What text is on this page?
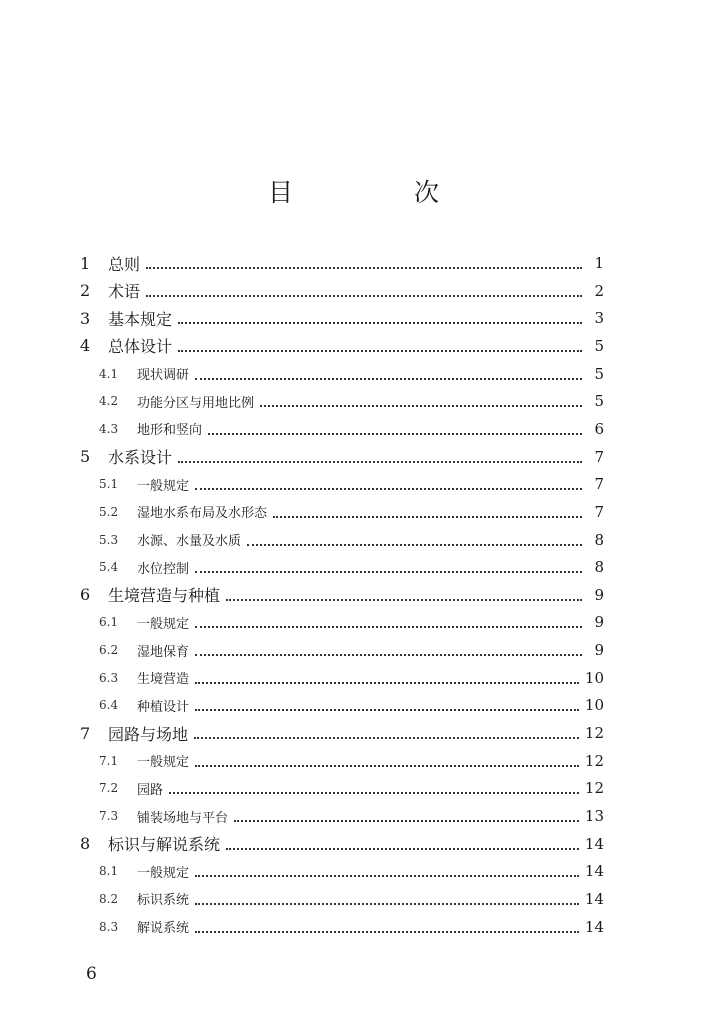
目　次
1	总则	1
2	术语	2
3	基本规定	3
4	总体设计	5
4.1	现状调研	5
4.2	功能分区与用地比例	5
4.3	地形和竖向	6
5	水系设计	7
5.1	一般规定	7
5.2	湿地水系布局及水形态	7
5.3	水源、水量及水质	8
5.4	水位控制	8
6	生境营造与种植	9
6.1	一般规定	9
6.2	湿地保育	9
6.3	生境营造	10
6.4	种植设计	10
7	园路与场地	12
7.1	一般规定	12
7.2	园路	12
7.3	铺装场地与平台	13
8	标识与解说系统	14
8.1	一般规定	14
8.2	标识系统	14
8.3	解说系统	14
6
